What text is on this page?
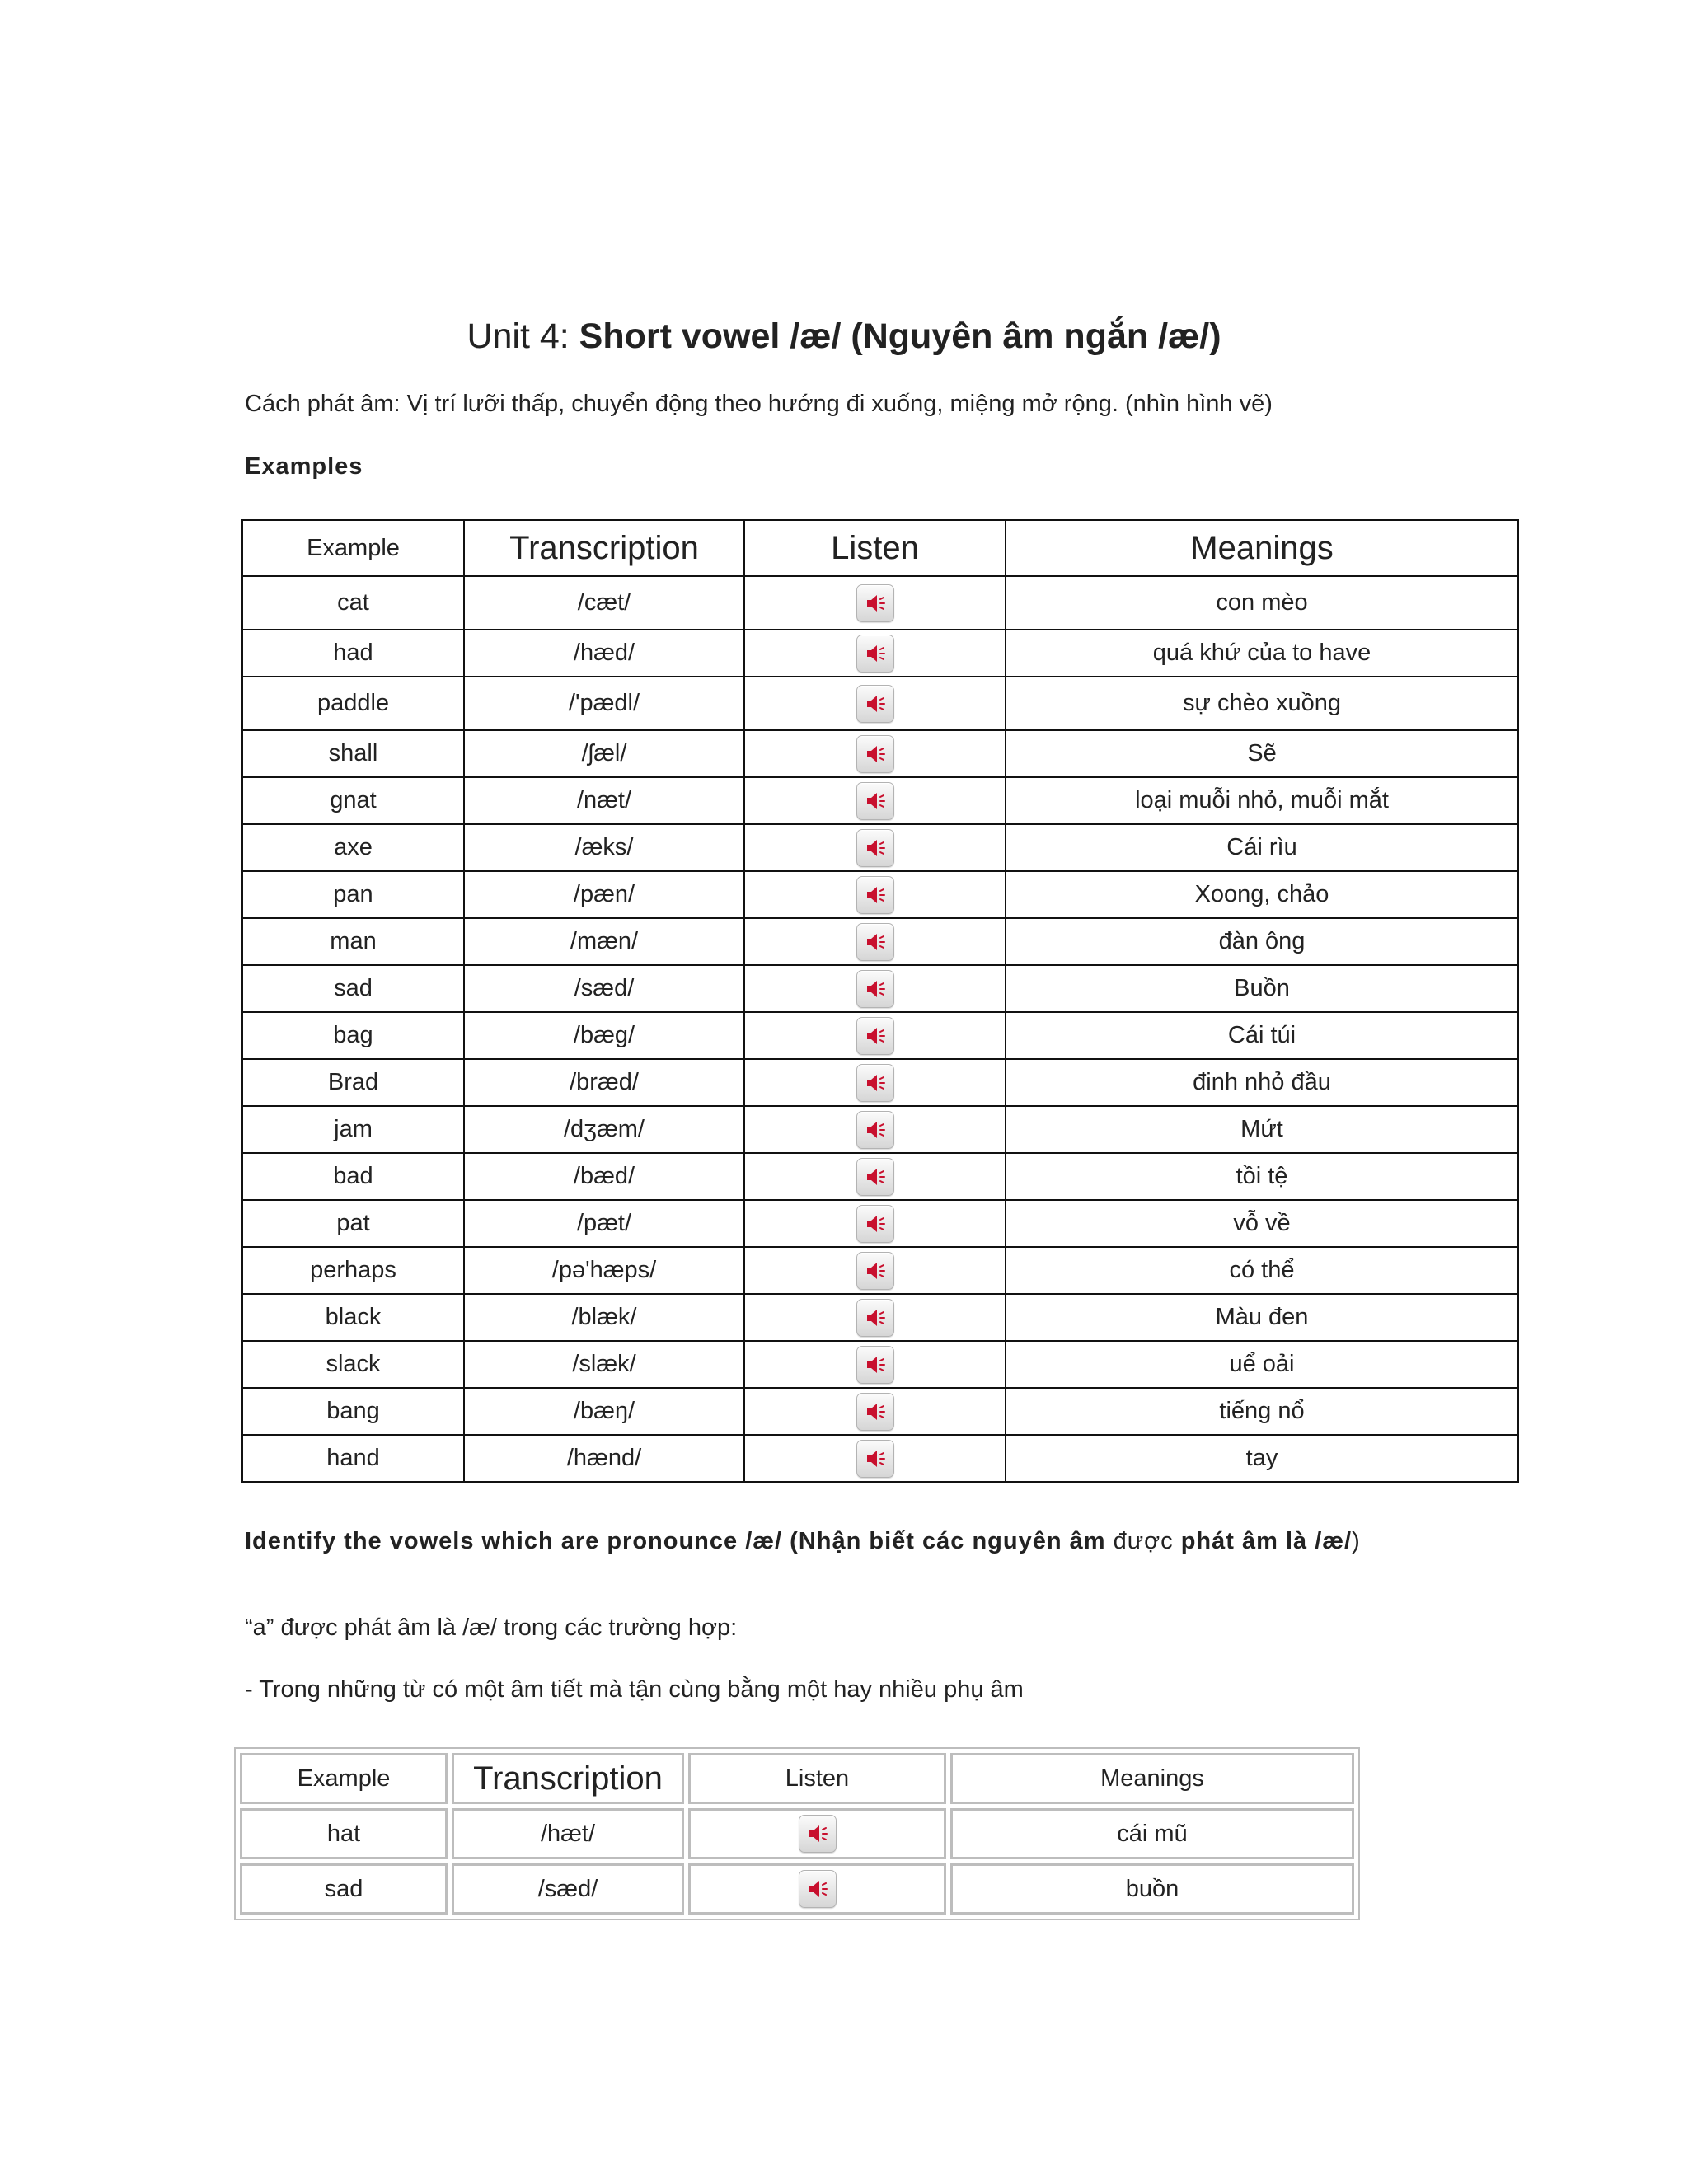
Unit 4: Short vowel /æ/ (Nguyên âm ngắn /æ/)
Cách phát âm: Vị trí lưỡi thấp, chuyển động theo hướng đi xuống, miệng mở rộng. (nhìn hình vẽ)
Examples
Example	Transcription	Listen	Meanings
cat	/cæt/		con mèo
had	/hæd/		quá khứ của to have
paddle	/'pædl/		sự chèo xuồng
shall	/ʃæl/		Sẽ
gnat	/næt/		loại muỗi nhỏ, muỗi mắt
axe	/æks/		Cái rìu
pan	/pæn/		Xoong, chảo
man	/mæn/		đàn ông
sad	/sæd/		Buồn
bag	/bæg/		Cái túi
Brad	/bræd/		đinh nhỏ đầu
jam	/dʒæm/		Mứt
bad	/bæd/		tồi tệ
pat	/pæt/		vỗ về
perhaps	/pə'hæps/		có thể
black	/blæk/		Màu đen
slack	/slæk/		uể oải
bang	/bæŋ/		tiếng nổ
hand	/hænd/		tay
Identify the vowels which are pronounce /æ/ (Nhận biết các nguyên âm được phát âm là /æ/)
“a” được phát âm là /æ/ trong các trường hợp:
- Trong những từ có một âm tiết mà tận cùng bằng một hay nhiều phụ âm
Example	Transcription	Listen	Meanings
hat	/hæt/		cái mũ
sad	/sæd/		buồn
